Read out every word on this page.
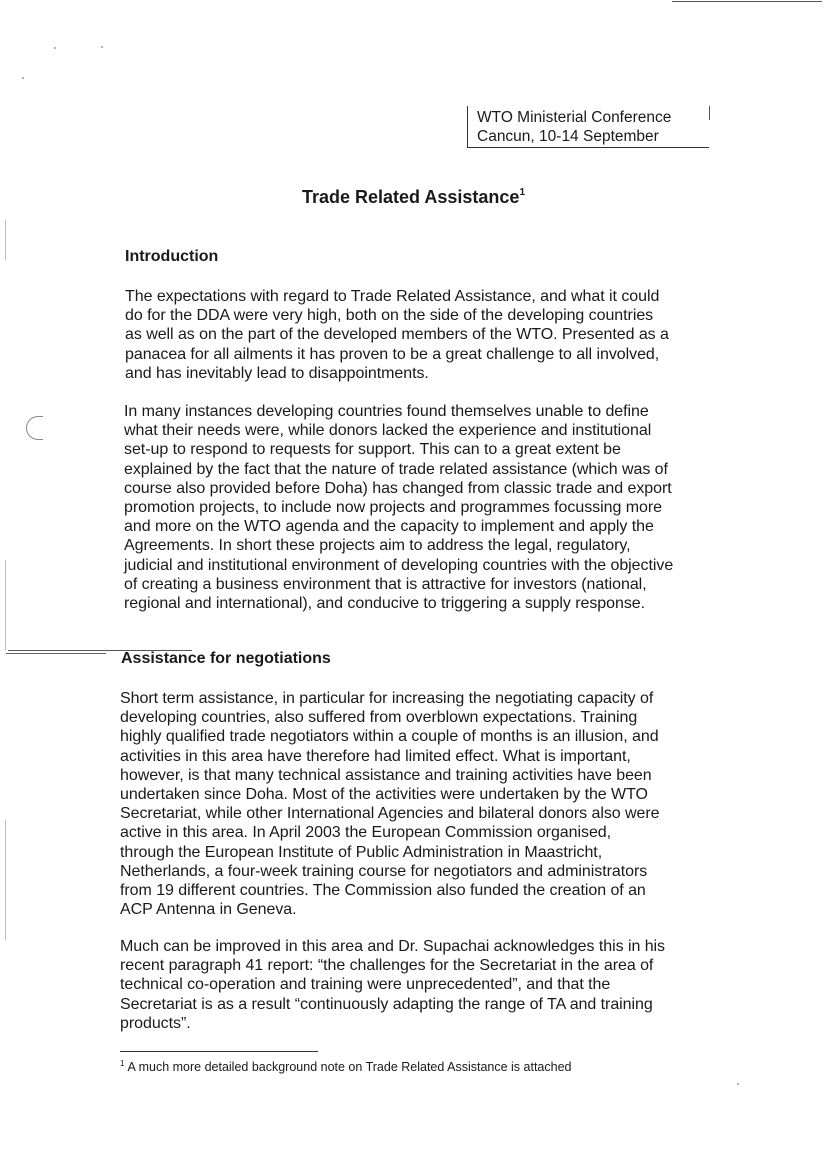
WTO Ministerial Conference
Cancun, 10-14 September
Trade Related Assistance$^1$
Introduction

The expectations with regard to Trade Related Assistance, and what it could
do for the DDA were very high, both on the side of the developing countries
as well as on the part of the developed members of the WTO. Presented as a
panacea for all ailments it has proven to be a great challenge to all involved,
and has inevitably lead to disappointments.

In many instances developing countries found themselves unable to define
what their needs were, while donors lacked the experience and institutional
set-up to respond to requests for support. This can to a great extent be
explained by the fact that the nature of trade related assistance (which was of
course also provided before Doha) has changed from classic trade and export
promotion projects, to include now projects and programmes focussing more
and more on the WTO agenda and the capacity to implement and apply the
Agreements. In short these projects aim to address the legal, regulatory,
judicial and institutional environment of developing countries with the objective
of creating a business environment that is attractive for investors (national,
regional and international), and conducive to triggering a supply response.

Assistance for negotiations

Short term assistance, in particular for increasing the negotiating capacity of
developing countries, also suffered from overblown expectations. Training
highly qualified trade negotiators within a couple of months is an illusion, and
activities in this area have therefore had limited effect. What is important,
however, is that many technical assistance and training activities have been
undertaken since Doha. Most of the activities were undertaken by the WTO
Secretariat, while other International Agencies and bilateral donors also were
active in this area. In April 2003 the European Commission organised,
through the European Institute of Public Administration in Maastricht,
Netherlands, a four-week training course for negotiators and administrators
from 19 different countries. The Commission also funded the creation of an
ACP Antenna in Geneva.

Much can be improved in this area and Dr. Supachai acknowledges this in his
recent paragraph 41 report: “the challenges for the Secretariat in the area of
technical co-operation and training were unprecedented”, and that the
Secretariat is as a result “continuously adapting the range of TA and training
products”.

$^1$ A much more detailed background note on Trade Related Assistance is attached
